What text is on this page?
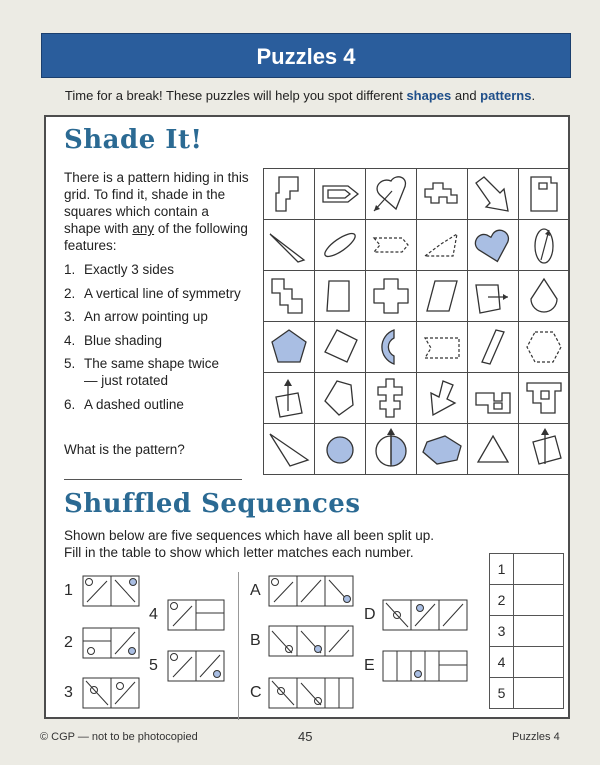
Puzzles 4
Time for a break! These puzzles will help you spot different shapes and patterns.
Shade It!
There is a pattern hiding in this grid. To find it, shade in the squares which contain a shape with any of the following features:
1. Exactly 3 sides
2. A vertical line of symmetry
3. An arrow pointing up
4. Blue shading
5. The same shape twice — just rotated
6. A dashed outline
What is the pattern?

Shuffled Sequences
Shown below are five sequences which have all been split up.
Fill in the table to show which letter matches each number.
1
2
3
4
5
A
B
C
D
E
1	
2	
3	
4	
5	
© CGP — not to be photocopied	45	Puzzles 4
